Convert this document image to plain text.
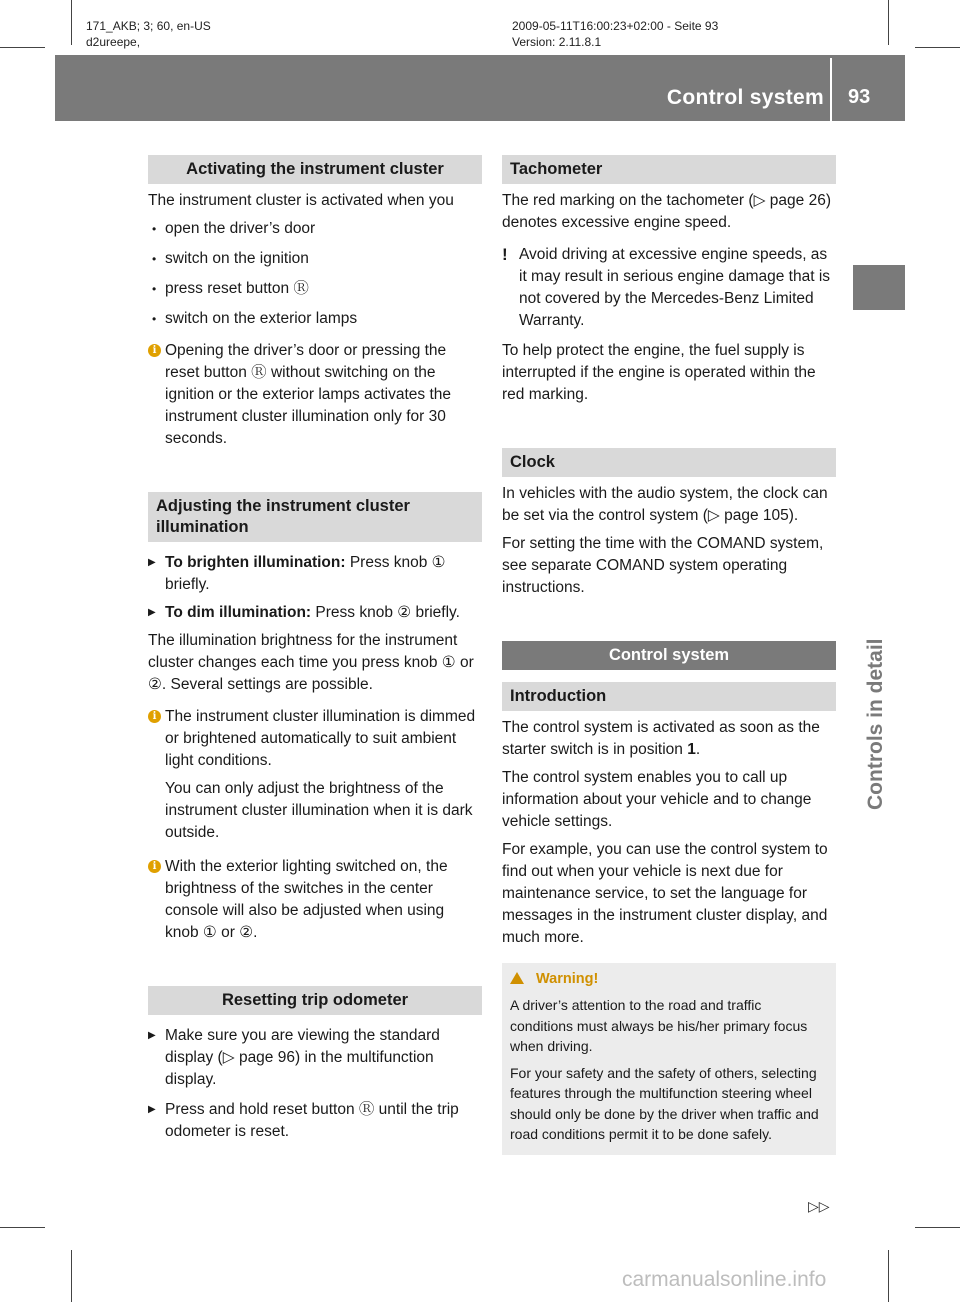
171_AKB; 3; 60, en-US
d2ureepe,
2009-05-11T16:00:23+02:00 - Seite 93
Version: 2.11.8.1
Control system 93
Controls in detail
Activating the instrument cluster

The instrument cluster is activated when you

• open the driver’s door
• switch on the ignition
• press reset button Ⓡ
• switch on the exterior lamps
i Opening the driver’s door or pressing the reset button Ⓡ without switching on the ignition or the exterior lamps activates the instrument cluster illumination only for 30 seconds.
Adjusting the instrument cluster illumination
▶ To brighten illumination: Press knob ① briefly.
▶ To dim illumination: Press knob ② briefly.

The illumination brightness for the instrument cluster changes each time you press knob ① or ②. Several settings are possible.

i The instrument cluster illumination is dimmed or brightened automatically to suit ambient light conditions.
You can only adjust the brightness of the instrument cluster illumination when it is dark outside.
i With the exterior lighting switched on, the brightness of the switches in the center console will also be adjusted when using knob ① or ②.
Resetting trip odometer
▶ Make sure you are viewing the standard display (▷ page 96) in the multifunction display.
▶ Press and hold reset button Ⓡ until the trip odometer is reset.
Tachometer

The red marking on the tachometer (▷ page 26) denotes excessive engine speed.

! Avoid driving at excessive engine speeds, as it may result in serious engine damage that is not covered by the Mercedes-Benz Limited Warranty.

To help protect the engine, the fuel supply is interrupted if the engine is operated within the red marking.

Clock

In vehicles with the audio system, the clock can be set via the control system (▷ page 105).

For setting the time with the COMAND system, see separate COMAND system operating instructions.

Control system
Introduction

The control system is activated as soon as the starter switch is in position 1.

The control system enables you to call up information about your vehicle and to change vehicle settings.

For example, you can use the control system to find out when your vehicle is next due for maintenance service, to set the language for messages in the instrument cluster display, and much more.

Warning!

A driver’s attention to the road and traffic conditions must always be his/her primary focus when driving.

For your safety and the safety of others, selecting features through the multifunction steering wheel should only be done by the driver when traffic and road conditions permit it to be done safely.

▷▷
carmanualsonline.info
